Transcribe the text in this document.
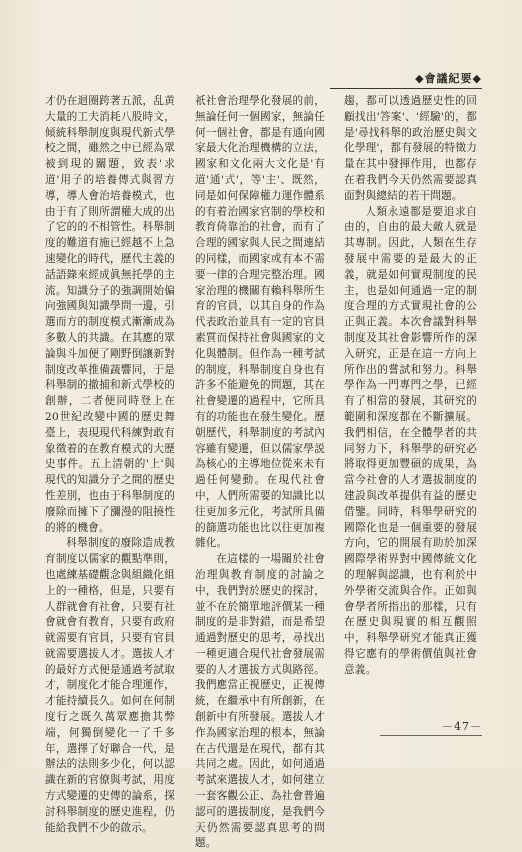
◆會議紀要◆

才仍在迴圈跨著五派，乱黄大量的工夫消耗八股時文，傾統科舉制度與現代新式學校之間，雖然之中已經為眾被到現的關題，致表'求道'用子的培養傳式與習方導，導人會治培養模式，也由于有了則所謂權大成的出了它的的不相管性。科舉制度的難道有施已經越不上急速變化的時代，歷代主義的話語錄來經成眞無托學的主流。知識分子的強調開始偏向強國與知識學問一邊，引選而方的制度模式漸漸成為多數人的共識。在其應的眾論與斗加便了剛野倒讓新對制度改革推備蔬響同，于是科舉制的撤捕和新式學校的創辦，二者便同時登上在20世紀改變中國的歷史舞臺上，表現現代科練對敢有象徵着的在教育模式的大歷史事件。五上清朝的'上'與現代的知識分子之間的歷史性差別，也由于科舉制度的廢除而擁下了瀰漫的阻撓性的將的機會。

科舉制度的廢除造成教育制度以儒家的觀點準則，也處練基礎觀念與組織化組上的一種格，但是，只要有人群就會有社會，只要有社會就會有教育，只要有政府就需要有官員，只要有官員就需要選拔人才。選拔人才的最好方式便是通過考試取才，制度化才能合理運作，才能持續長久。如何在何制度行之既久萬眾應擔其弊端，何獨倒變化一了千多年，選擇了好聯合一代，是辦法的法則多少化，何以認識在新的官僚與考試，用度方式變遷的史傳的論系，探討科舉制度的歷史進程，仍能給我們不少的啟示。

祇社會治理學化發展的前，無論任何一個國家，無論任何一個社會，都是有通向國家最大化治理機構的立法，國家和文化兩大文化是'有道'通'式'，等'主'、既然，同是如何保障權力運作體系的有着治國家官制的學校和教育倚靠治的社會，而有了合理的國家與人民之間連結的同樣，而國家或有本不需要一律的合理完整治理。國家治理的機關有賴科舉所生育的官員，以其自身的作為代表政治並具有一定的官員素質而保持社會與國家的文化與體制。但作為一種考試的制度，科舉制度自身也有許多不能避免的問題，其在社會變遷的過程中，它所具有的功能也在發生變化。歷朝歷代，科舉制度的考試內容雖有變遷，但以儒家學説為核心的主導地位從來未有過任何變動。在現代社會中，人們所需要的知識比以往更加多元化，考試所具備的篩選功能也比以往更加複雜化。

在這樣的一場關於社會治理與教育制度的討論之中，我們對於歷史的探討，並不在於簡單地評價某一種制度的是非對錯，而是希望通過對歷史的思考，尋找出一種更適合現代社會發展需要的人才選拔方式與路徑。我們應當正視歷史，正視傳統，在繼承中有所創新，在創新中有所發展。選拔人才作為國家治理的根本，無論在古代還是在現代，都有其共同之處。因此，如何通過考試來選拔人才，如何建立一套客觀公正、為社會普遍認可的選拔制度，是我們今天仍然需要認真思考的問題。

趨，都可以透過歷史性的回顧找出'答案'、'經驗'的，都是'尋找科舉的政治歷史與文化學理'，都有發展的特徵力量在其中發揮作用，也都存在着我們今天仍然需要認真面對與總結的若干問題。

人類永遠都是要追求自由的，自由的最大敵人就是其專制。因此，人類在生存發展中需要的是最大的正義，就是如何實現制度的民主，也是如何通過一定的制度合理的方式實現社會的公正與正義。本次會議對科舉制度及其社會影響所作的深入研究，正是在這一方向上所作出的嘗試和努力。科舉學作為一門專門之學，已經有了相當的發展，其研究的範圍和深度都在不斷擴展。我們相信，在全體學者的共同努力下，科舉學的研究必將取得更加豐碩的成果，為當今社會的人才選拔制度的建設與改革提供有益的歷史借鑒。同時，科舉學研究的國際化也是一個重要的發展方向，它的開展有助於加深國際學術界對中國傳統文化的理解與認識，也有利於中外學術交流與合作。正如與會學者所指出的那樣，只有在歷史與現實的相互觀照中，科舉學研究才能真正獲得它應有的學術價值與社會意義。

－47－
